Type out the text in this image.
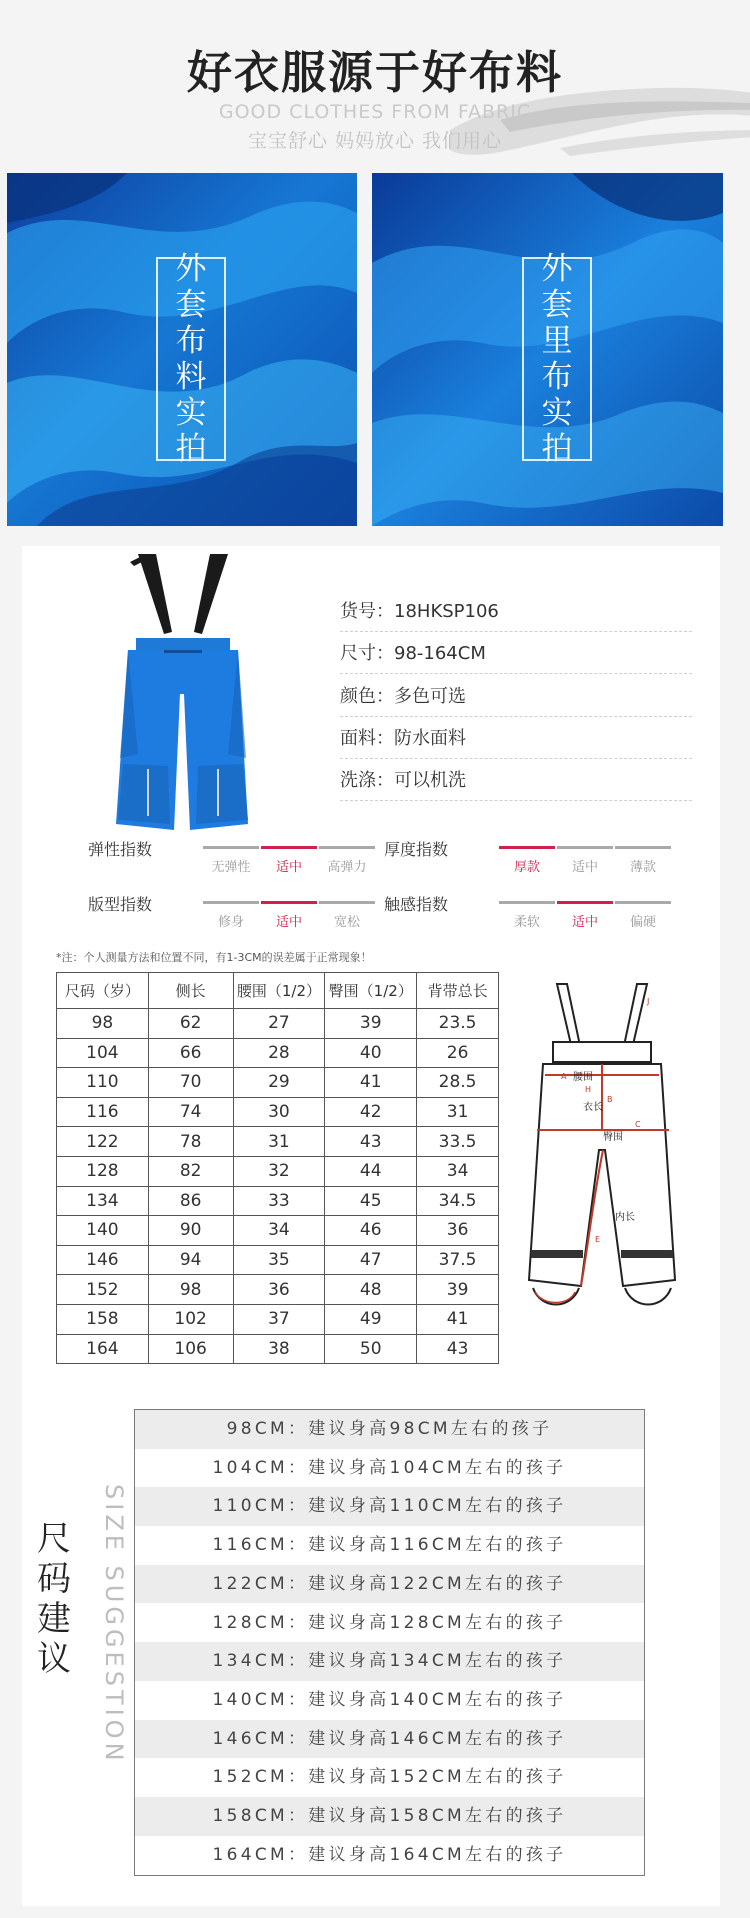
好衣服源于好布料
GOOD CLOTHES FROM FABRIC
宝宝舒心 妈妈放心 我们用心
外套布料实拍
外套里布实拍
货号：18HKSP106
尺寸：98-164CM
颜色：多色可选
面料：防水面料
洗涤：可以机洗
弹性指数
无弹性	适中	高弹力
厚度指数
厚款	适中	薄款
版型指数
修身	适中	宽松
触感指数
柔软	适中	偏硬
*注：个人测量方法和位置不同，有1-3CM的误差属于正常现象！
尺码（岁）	侧长	腰围（1/2）	臀围（1/2）	背带总长
98	62	27	39	23.5
104	66	28	40	26
110	70	29	41	28.5
116	74	30	42	31
122	78	31	43	33.5
128	82	32	44	34
134	86	33	45	34.5
140	90	34	46	36
146	94	35	47	37.5
152	98	36	48	39
158	102	37	49	41
164	106	38	50	43
腰围
衣长
臀围
内长
A
B
C
E
H
J
尺码建议 SIZE SUGGESTION
98CM：建议身高98CM左右的孩子
104CM：建议身高104CM左右的孩子
110CM：建议身高110CM左右的孩子
116CM：建议身高116CM左右的孩子
122CM：建议身高122CM左右的孩子
128CM：建议身高128CM左右的孩子
134CM：建议身高134CM左右的孩子
140CM：建议身高140CM左右的孩子
146CM：建议身高146CM左右的孩子
152CM：建议身高152CM左右的孩子
158CM：建议身高158CM左右的孩子
164CM：建议身高164CM左右的孩子
